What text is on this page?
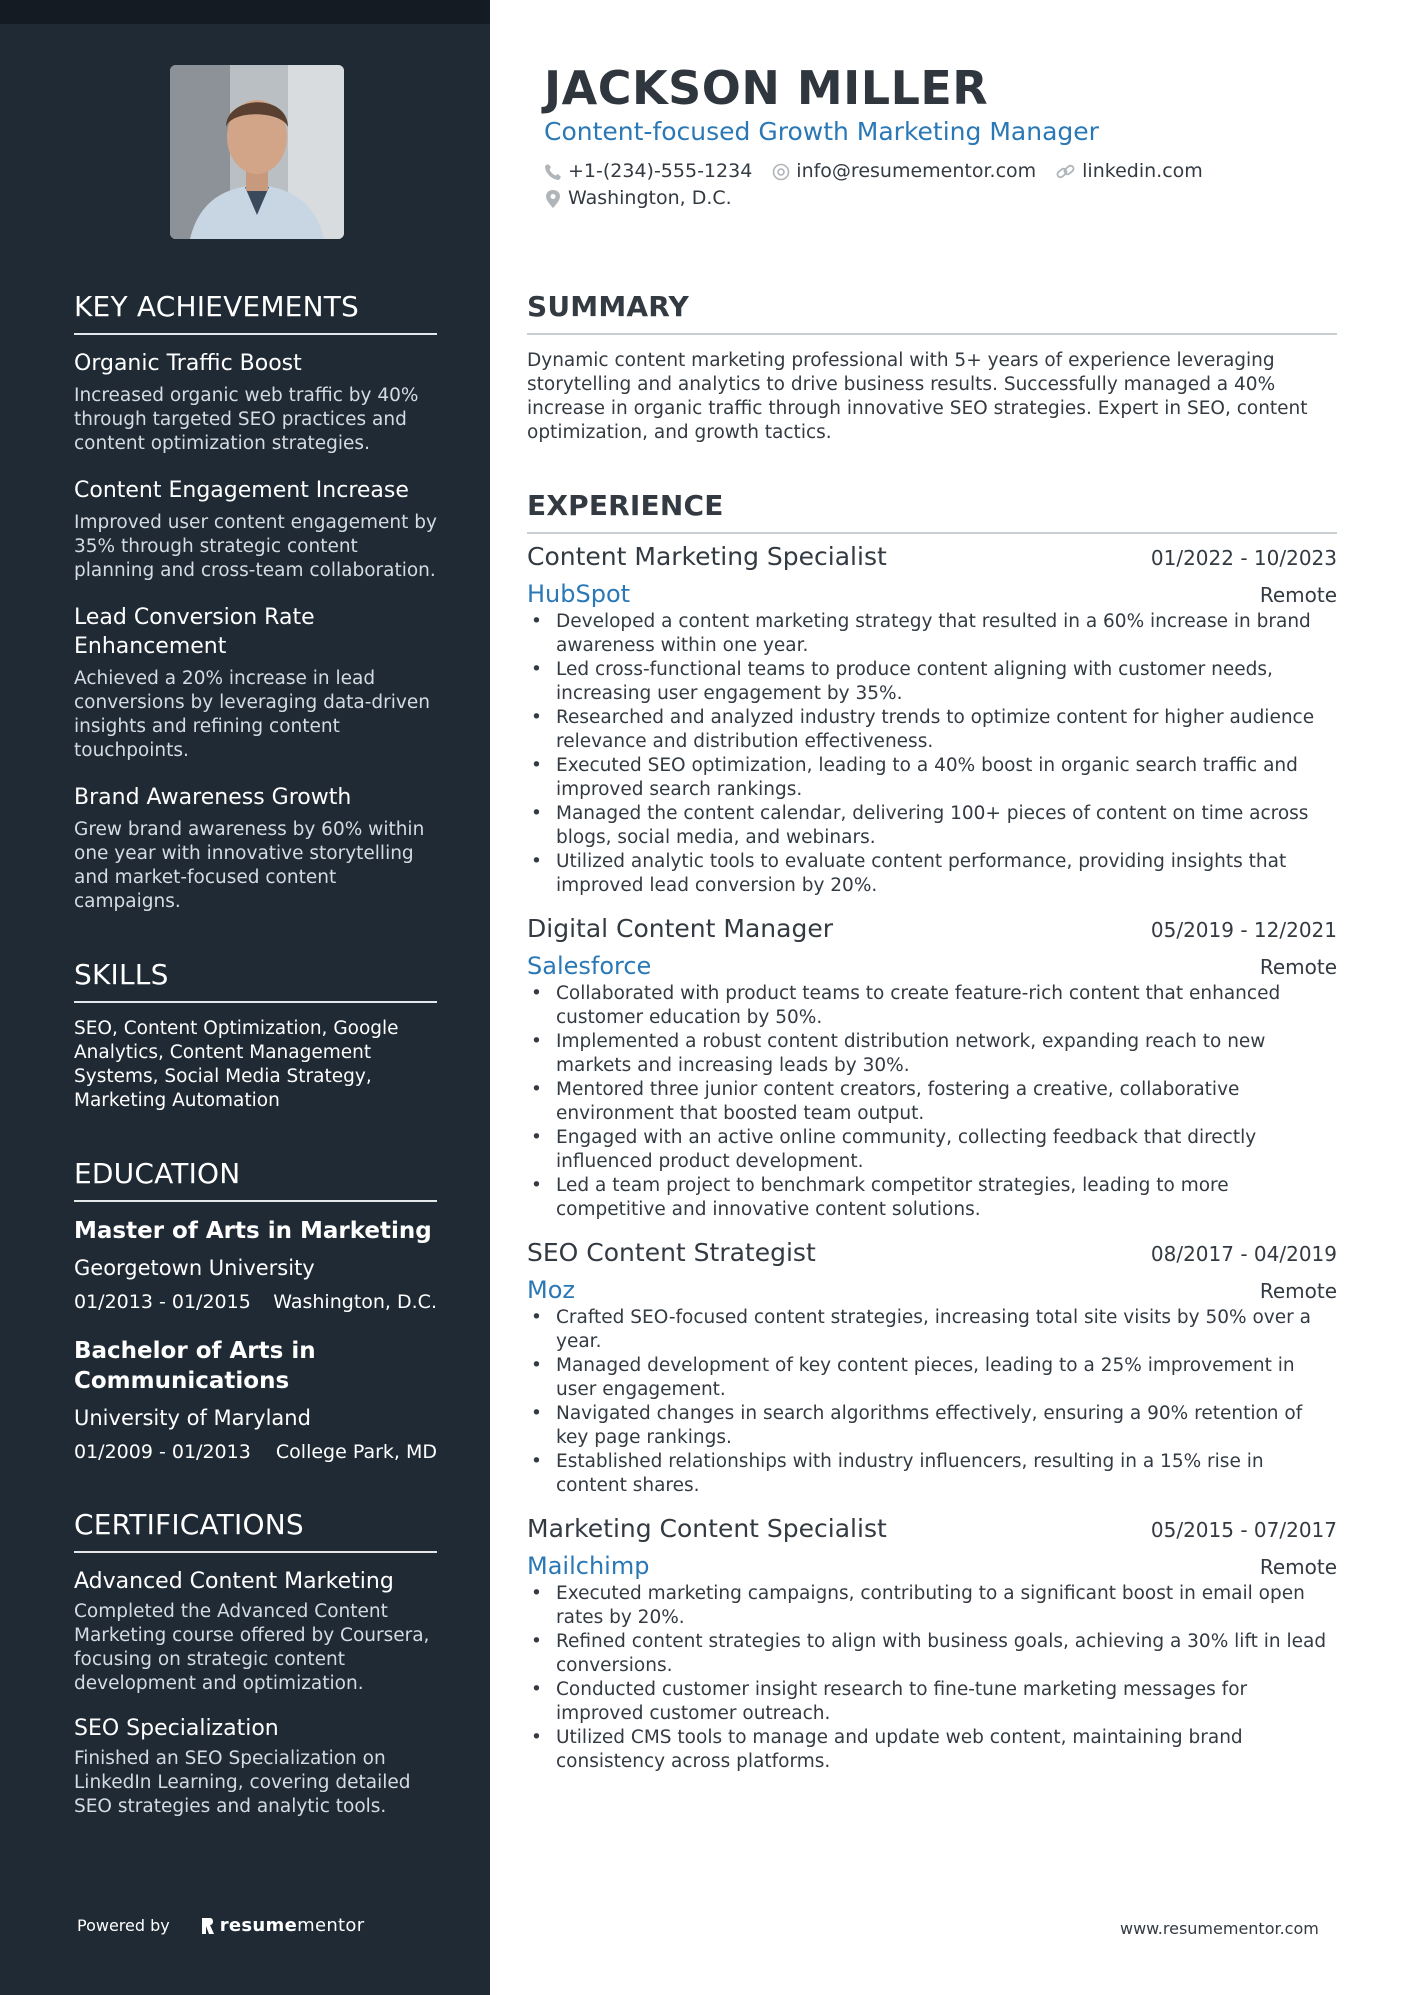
KEY ACHIEVEMENTS
Organic Traffic Boost
Increased organic web traffic by 40% through targeted SEO practices and content optimization strategies.
Content Engagement Increase
Improved user content engagement by 35% through strategic content planning and cross-team collaboration.
Lead Conversion Rate Enhancement
Achieved a 20% increase in lead conversions by leveraging data-driven insights and refining content touchpoints.
Brand Awareness Growth
Grew brand awareness by 60% within one year with innovative storytelling and market-focused content campaigns.
SKILLS
SEO, Content Optimization, Google Analytics, Content Management Systems, Social Media Strategy, Marketing Automation
EDUCATION
Master of Arts in Marketing
Georgetown University
01/2013 - 01/2015 Washington, D.C.
Bachelor of Arts in Communications
University of Maryland
01/2009 - 01/2013 College Park, MD
CERTIFICATIONS
Advanced Content Marketing
Completed the Advanced Content Marketing course offered by Coursera, focusing on strategic content development and optimization.
SEO Specialization
Finished an SEO Specialization on LinkedIn Learning, covering detailed SEO strategies and analytic tools.
Powered by	resume mentor
JACKSON MILLER
Content-focused Growth Marketing Manager
+1-(234)-555-1234 info@resumementor.com linkedin.com
Washington, D.C.
SUMMARY

Dynamic content marketing professional with 5+ years of experience leveraging storytelling and analytics to drive business results. Successfully managed a 40% increase in organic traffic through innovative SEO strategies. Expert in SEO, content optimization, and growth tactics.

EXPERIENCE
Content Marketing Specialist	01/2022 - 10/2023
HubSpot	Remote
• Developed a content marketing strategy that resulted in a 60% increase in brand awareness within one year.
• Led cross-functional teams to produce content aligning with customer needs, increasing user engagement by 35%.
• Researched and analyzed industry trends to optimize content for higher audience relevance and distribution effectiveness.
• Executed SEO optimization, leading to a 40% boost in organic search traffic and improved search rankings.
• Managed the content calendar, delivering 100+ pieces of content on time across blogs, social media, and webinars.
• Utilized analytic tools to evaluate content performance, providing insights that improved lead conversion by 20%.
Digital Content Manager	05/2019 - 12/2021
Salesforce	Remote
• Collaborated with product teams to create feature-rich content that enhanced customer education by 50%.
• Implemented a robust content distribution network, expanding reach to new markets and increasing leads by 30%.
• Mentored three junior content creators, fostering a creative, collaborative environment that boosted team output.
• Engaged with an active online community, collecting feedback that directly influenced product development.
• Led a team project to benchmark competitor strategies, leading to more competitive and innovative content solutions.
SEO Content Strategist	08/2017 - 04/2019
Moz	Remote
• Crafted SEO-focused content strategies, increasing total site visits by 50% over a year.
• Managed development of key content pieces, leading to a 25% improvement in user engagement.
• Navigated changes in search algorithms effectively, ensuring a 90% retention of key page rankings.
• Established relationships with industry influencers, resulting in a 15% rise in content shares.
Marketing Content Specialist	05/2015 - 07/2017
Mailchimp	Remote
• Executed marketing campaigns, contributing to a significant boost in email open rates by 20%.
• Refined content strategies to align with business goals, achieving a 30% lift in lead conversions.
• Conducted customer insight research to fine-tune marketing messages for improved customer outreach.
• Utilized CMS tools to manage and update web content, maintaining brand consistency across platforms.
www.resumementor.com
